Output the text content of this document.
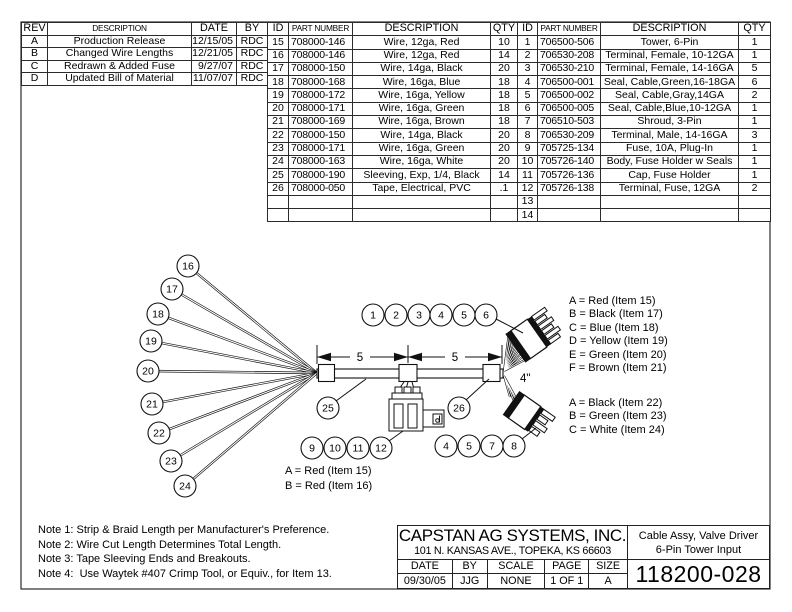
5	5
4"
16
17
18
19
20
21
22
23
24
1 2 3 4 5 6
25	26
9 10 11 12	4 5 7 8
REV	DESCRIPTION	DATE	BY
A	Production Release	12/15/05	RDC
B	Changed Wire Lengths	12/21/05	RDC
C	Redrawn & Added Fuse	9/27/07	RDC
D	Updated Bill of Material	11/07/07	RDC
ID	PART NUMBER	DESCRIPTION	QTY
15	708000-146	Wire, 12ga, Red	10
16	708000-146	Wire, 12ga, Red	14
17	708000-150	Wire, 14ga, Black	20
18	708000-168	Wire, 16ga, Blue	18
19	708000-172	Wire, 16ga, Yellow	18
20	708000-171	Wire, 16ga, Green	18
21	708000-169	Wire, 16ga, Brown	18
22	708000-150	Wire, 14ga, Black	20
23	708000-171	Wire, 16ga, Green	20
24	708000-163	Wire, 16ga, White	20
25	708000-190	Sleeving, Exp, 1/4, Black	14
26	708000-050	Tape, Electrical, PVC	.1

ID	PART NUMBER	DESCRIPTION	QTY
1	706500-506	Tower, 6-Pin	1
2	706530-208	Terminal, Female, 10-12GA	1
3	706530-210	Terminal, Female, 14-16GA	5
4	706500-001	Seal, Cable,Green,16-18GA	6
5	706500-002	Seal, Cable,Gray,14GA	2
6	706500-005	Seal, Cable,Blue,10-12GA	1
7	706510-503	Shroud, 3-Pin	1
8	706530-209	Terminal, Male, 14-16GA	3
9	705725-134	Fuse, 10A, Plug-In	1
10	705726-140	Body, Fuse Holder w Seals	1
11	705726-136	Cap, Fuse Holder	1
12	705726-138	Terminal, Fuse, 12GA	2
13			
14			
A = Red (Item 15)
B = Black (Item 17)
C = Blue (Item 18)
D = Yellow (Item 19)
E = Green (Item 20)
F = Brown (Item 21)
A = Black (Item 22)
B = Green (Item 23)
C = White (Item 24)
A = Red (Item 15)
B = Red (Item 16)
Note 1: Strip & Braid Length per Manufacturer's Preference.
Note 2: Wire Cut Length Determines Total Length.
Note 3: Tape Sleeving Ends and Breakouts.
Note 4:  Use Waytek #407 Crimp Tool, or Equiv., for Item 13.
CAPSTAN AG SYSTEMS, INC.
101 N. KANSAS AVE., TOPEKA, KS 66603
DATE
09/30/05
BY
JJG
SCALE
NONE
PAGE
1 OF 1
SIZE
A
Cable Assy, Valve Driver
6-Pin Tower Input
118200-028
